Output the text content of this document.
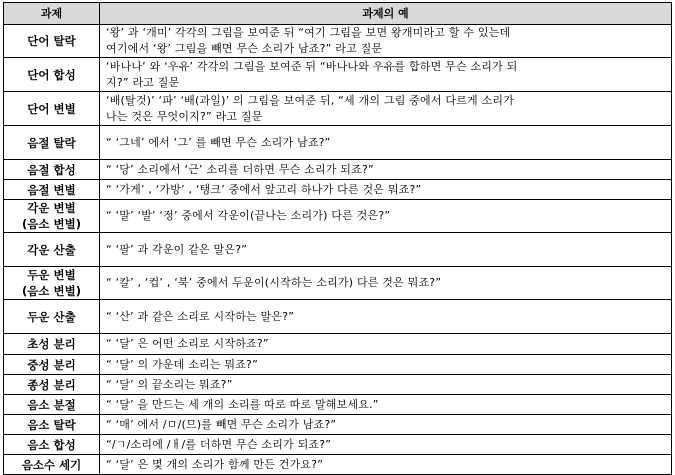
과제	과제의 예

단어 탈락	‘왕’ 과 ‘개미’ 각각의 그림을 보여준 뒤 “여기 그림을 보면 왕개미라고 할 수 있는데
여기에서 ‘왕’ 그림을 빼면 무슨 소리가 남죠?” 라고 질문

단어 합성	‘바나나’ 와 ‘우유’ 각각의 그림을 보여준 뒤 “바나나와 우유를 합하면 무슨 소리가 되
지?” 라고 질문

단어 변별	‘배(탈것)’ ‘파’ ‘배(과일)’ 의 그림을 보여준 뒤, “세 개의 그림 중에서 다르게 소리가
나는 것은 무엇이지?” 라고 질문

음절 탈락	“ ‘그네’ 에서 ‘그’ 를 빼면 무슨 소리가 남죠?”

음절 합성	“ ‘당’ 소리에서 ‘근’ 소리를 더하면 무슨 소리가 되죠?”

음절 변별	“ ‘가게’ , ‘가방’ , ‘탱크’ 중에서 앞고리 하나가 다른 것은 뭐죠?”

각운 변별
(음소 변별)	“ ‘말’ ‘발’ ‘정’ 중에서 각운이(끝나는 소리가) 다른 것은?”

각운 산출	“ ‘팔’ 과 각운이 같은 말은?”

두운 변별
(음소 변별)	“ ‘칼’ , ‘컵’ , ‘북’ 중에서 두운이(시작하는 소리가) 다른 것은 뭐죠?”

두운 산출	“ ‘산’ 과 같은 소리로 시작하는 말은?”

초성 분리	“ ‘달’ 은 어떤 소리로 시작하죠?”

중성 분리	“ ‘달’ 의 가운데 소리는 뭐죠?”

종성 분리	“ ‘달’ 의 끝소리는 뭐죠?”

음소 분절	“ ‘달’ 을 만드는 세 개의 소리를 따로 따로 말해보세요.”

음소 탈락	“ ‘매’ 에서 /ㅁ/(므)를 빼면 무슨 소리가 남죠?”

음소 합성	“/ㄱ/소리에 /ㅐ/를 더하면 무슨 소리가 되죠?”

음소수 세기	“ ‘달’ 은 몇 개의 소리가 함께 만든 건가요?”
